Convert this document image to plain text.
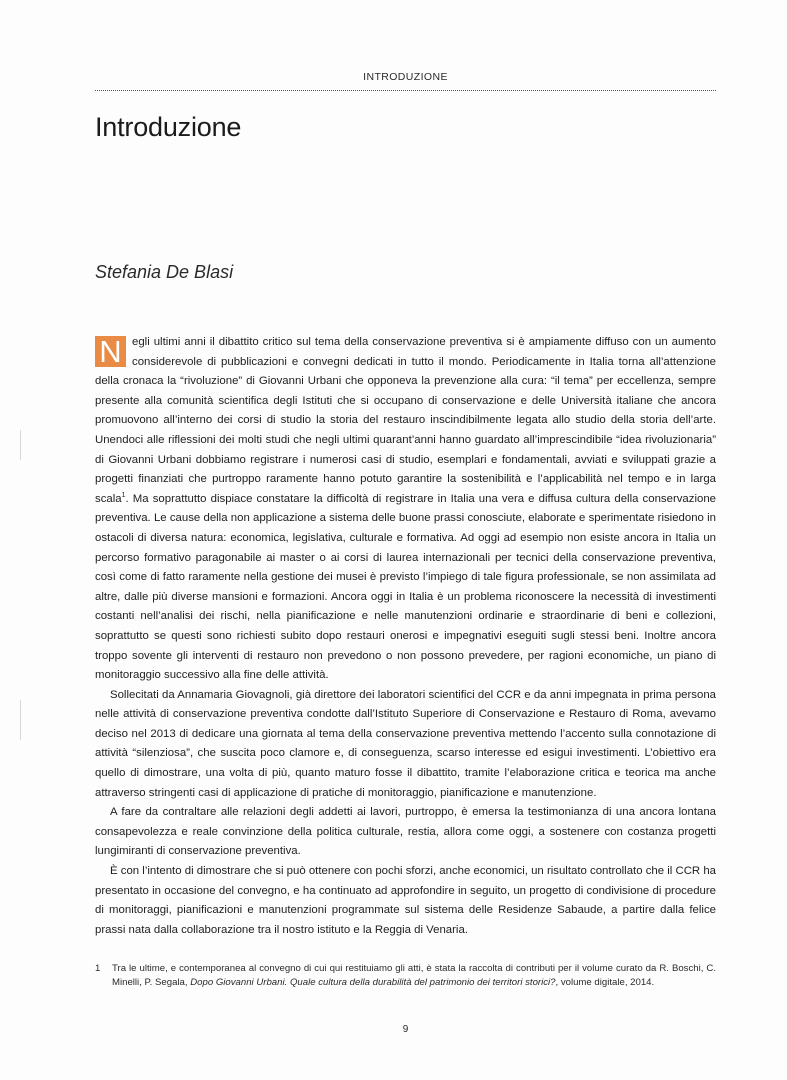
INTRODUZIONE
Introduzione
Stefania De Blasi

N egli ultimi anni il dibattito critico sul tema della conservazione preventiva si è ampiamente diffuso con un aumento considerevole di pubblicazioni e convegni dedicati in tutto il mondo. Periodicamente in Italia torna all’attenzione della cronaca la “rivoluzione” di Giovanni Urbani che opponeva la prevenzione alla cura: “il tema” per eccellenza, sempre presente alla comunità scientifica degli Istituti che si occupano di conservazione e delle Università italiane che ancora promuovono all’interno dei corsi di studio la storia del restauro inscindibilmente legata allo studio della storia dell’arte. Unendoci alle riflessioni dei molti studi che negli ultimi quarant’anni hanno guardato all’imprescindibile “idea rivoluzionaria” di Giovanni Urbani dobbiamo registrare i numerosi casi di studio, esemplari e fondamentali, avviati e sviluppati grazie a progetti finanziati che purtroppo raramente hanno potuto garantire la sostenibilità e l’applicabilità nel tempo e in larga scala$^1$. Ma soprattutto dispiace constatare la difficoltà di registrare in Italia una vera e diffusa cultura della conservazione preventiva. Le cause della non applicazione a sistema delle buone prassi conosciute, elaborate e sperimentate risiedono in ostacoli di diversa natura: economica, legislativa, culturale e formativa. Ad oggi ad esempio non esiste ancora in Italia un percorso formativo paragonabile ai master o ai corsi di laurea internazionali per tecnici della conservazione preventiva, così come di fatto raramente nella gestione dei musei è previsto l’impiego di tale figura professionale, se non assimilata ad altre, dalle più diverse mansioni e formazioni. Ancora oggi in Italia è un problema riconoscere la necessità di investimenti costanti nell’analisi dei rischi, nella pianificazione e nelle manutenzioni ordinarie e straordinarie di beni e collezioni, soprattutto se questi sono richiesti subito dopo restauri onerosi e impegnativi eseguiti sugli stessi beni. Inoltre ancora troppo sovente gli interventi di restauro non prevedono o non possono prevedere, per ragioni economiche, un piano di monitoraggio successivo alla fine delle attività.

Sollecitati da Annamaria Giovagnoli, già direttore dei laboratori scientifici del CCR e da anni impegnata in prima persona nelle attività di conservazione preventiva condotte dall’Istituto Superiore di Conservazione e Restauro di Roma, avevamo deciso nel 2013 di dedicare una giornata al tema della conservazione preventiva mettendo l’accento sulla connotazione di attività “silenziosa”, che suscita poco clamore e, di conseguenza, scarso interesse ed esigui investimenti. L’obiettivo era quello di dimostrare, una volta di più, quanto maturo fosse il dibattito, tramite l’elaborazione critica e teorica ma anche attraverso stringenti casi di applicazione di pratiche di monitoraggio, pianificazione e manutenzione.

A fare da contraltare alle relazioni degli addetti ai lavori, purtroppo, è emersa la testimonianza di una ancora lontana consapevolezza e reale convinzione della politica culturale, restia, allora come oggi, a sostenere con costanza progetti lungimiranti di conservazione preventiva.

È con l’intento di dimostrare che si può ottenere con pochi sforzi, anche economici, un risultato controllato che il CCR ha presentato in occasione del convegno, e ha continuato ad approfondire in seguito, un progetto di condivisione di procedure di monitoraggi, pianificazioni e manutenzioni programmate sul sistema delle Residenze Sabaude, a partire dalla felice prassi nata dalla collaborazione tra il nostro istituto e la Reggia di Venaria.

1	Tra le ultime, e contemporanea al convegno di cui qui restituiamo gli atti, è stata la raccolta di contributi per il volume curato da R. Boschi, C. Minelli, P. Segala, Dopo Giovanni Urbani. Quale cultura della durabilità del patrimonio dei territori storici?, volume digitale, 2014.
9
